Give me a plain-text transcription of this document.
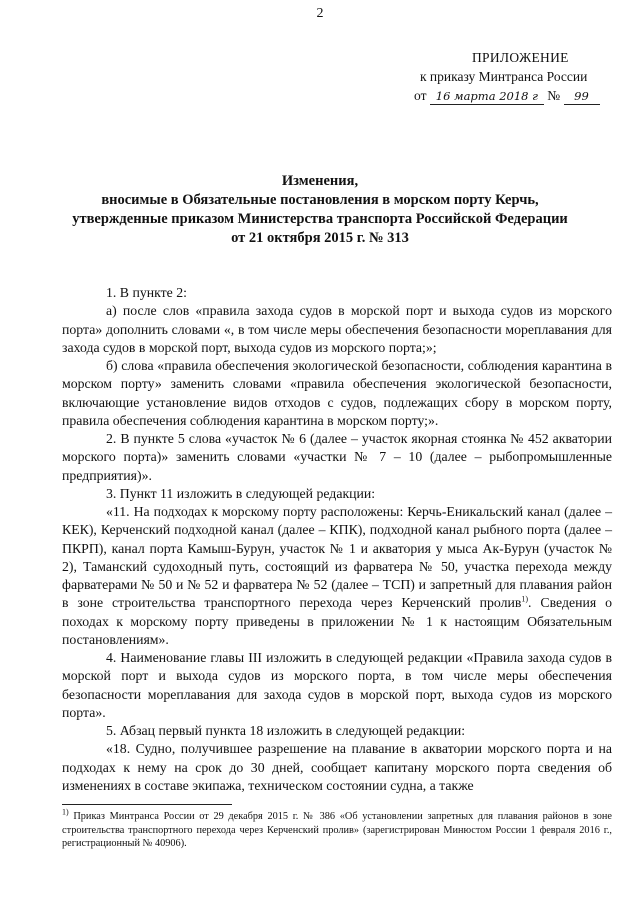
2
ПРИЛОЖЕНИЕ
к приказу Минтранса России
от 16 марта 2018 г № 99
Изменения,
вносимые в Обязательные постановления в морском порту Керчь,
утвержденные приказом Министерства транспорта Российской Федерации
от 21 октября 2015 г. № 313

1. В пункте 2:

а) после слов «правила захода судов в морской порт и выхода судов из морского порта» дополнить словами «, в том числе меры обеспечения безопасности мореплавания для захода судов в морской порт, выхода судов из морского порта;»;

б) слова «правила обеспечения экологической безопасности, соблюдения карантина в морском порту» заменить словами «правила обеспечения экологической безопасности, включающие установление видов отходов с судов, подлежащих сбору в морском порту, правила обеспечения соблюдения карантина в морском порту;».

2. В пункте 5 слова «участок № 6 (далее – участок якорная стоянка № 452 акватории морского порта)» заменить словами «участки № 7 – 10 (далее – рыбопромышленные предприятия)».

3. Пункт 11 изложить в следующей редакции:

«11. На подходах к морскому порту расположены: Керчь-Еникальский канал (далее – КЕК), Керченский подходной канал (далее – КПК), подходной канал рыбного порта (далее – ПКРП), канал порта Камыш-Бурун, участок № 1 и акватория у мыса Ак-Бурун (участок № 2), Таманский судоходный путь, состоящий из фарватера № 50, участка перехода между фарватерами № 50 и № 52 и фарватера № 52 (далее – ТСП) и запретный для плавания район в зоне строительства транспортного перехода через Керченский пролив$^{1)}$. Сведения о походах к морскому порту приведены в приложении № 1 к настоящим Обязательным постановлениям».

4. Наименование главы III изложить в следующей редакции «Правила захода судов в морской порт и выхода судов из морского порта, в том числе меры обеспечения безопасности мореплавания для захода судов в морской порт, выхода судов из морского порта».

5. Абзац первый пункта 18 изложить в следующей редакции:

«18. Судно, получившее разрешение на плавание в акватории морского порта и на подходах к нему на срок до 30 дней, сообщает капитану морского порта сведения об изменениях в составе экипажа, техническом состоянии судна, а также

$^{1)}$ Приказ Минтранса России от 29 декабря 2015 г. № 386 «Об установлении запретных для плавания районов в зоне строительства транспортного перехода через Керченский пролив» (зарегистрирован Минюстом России 1 февраля 2016 г., регистрационный № 40906).
